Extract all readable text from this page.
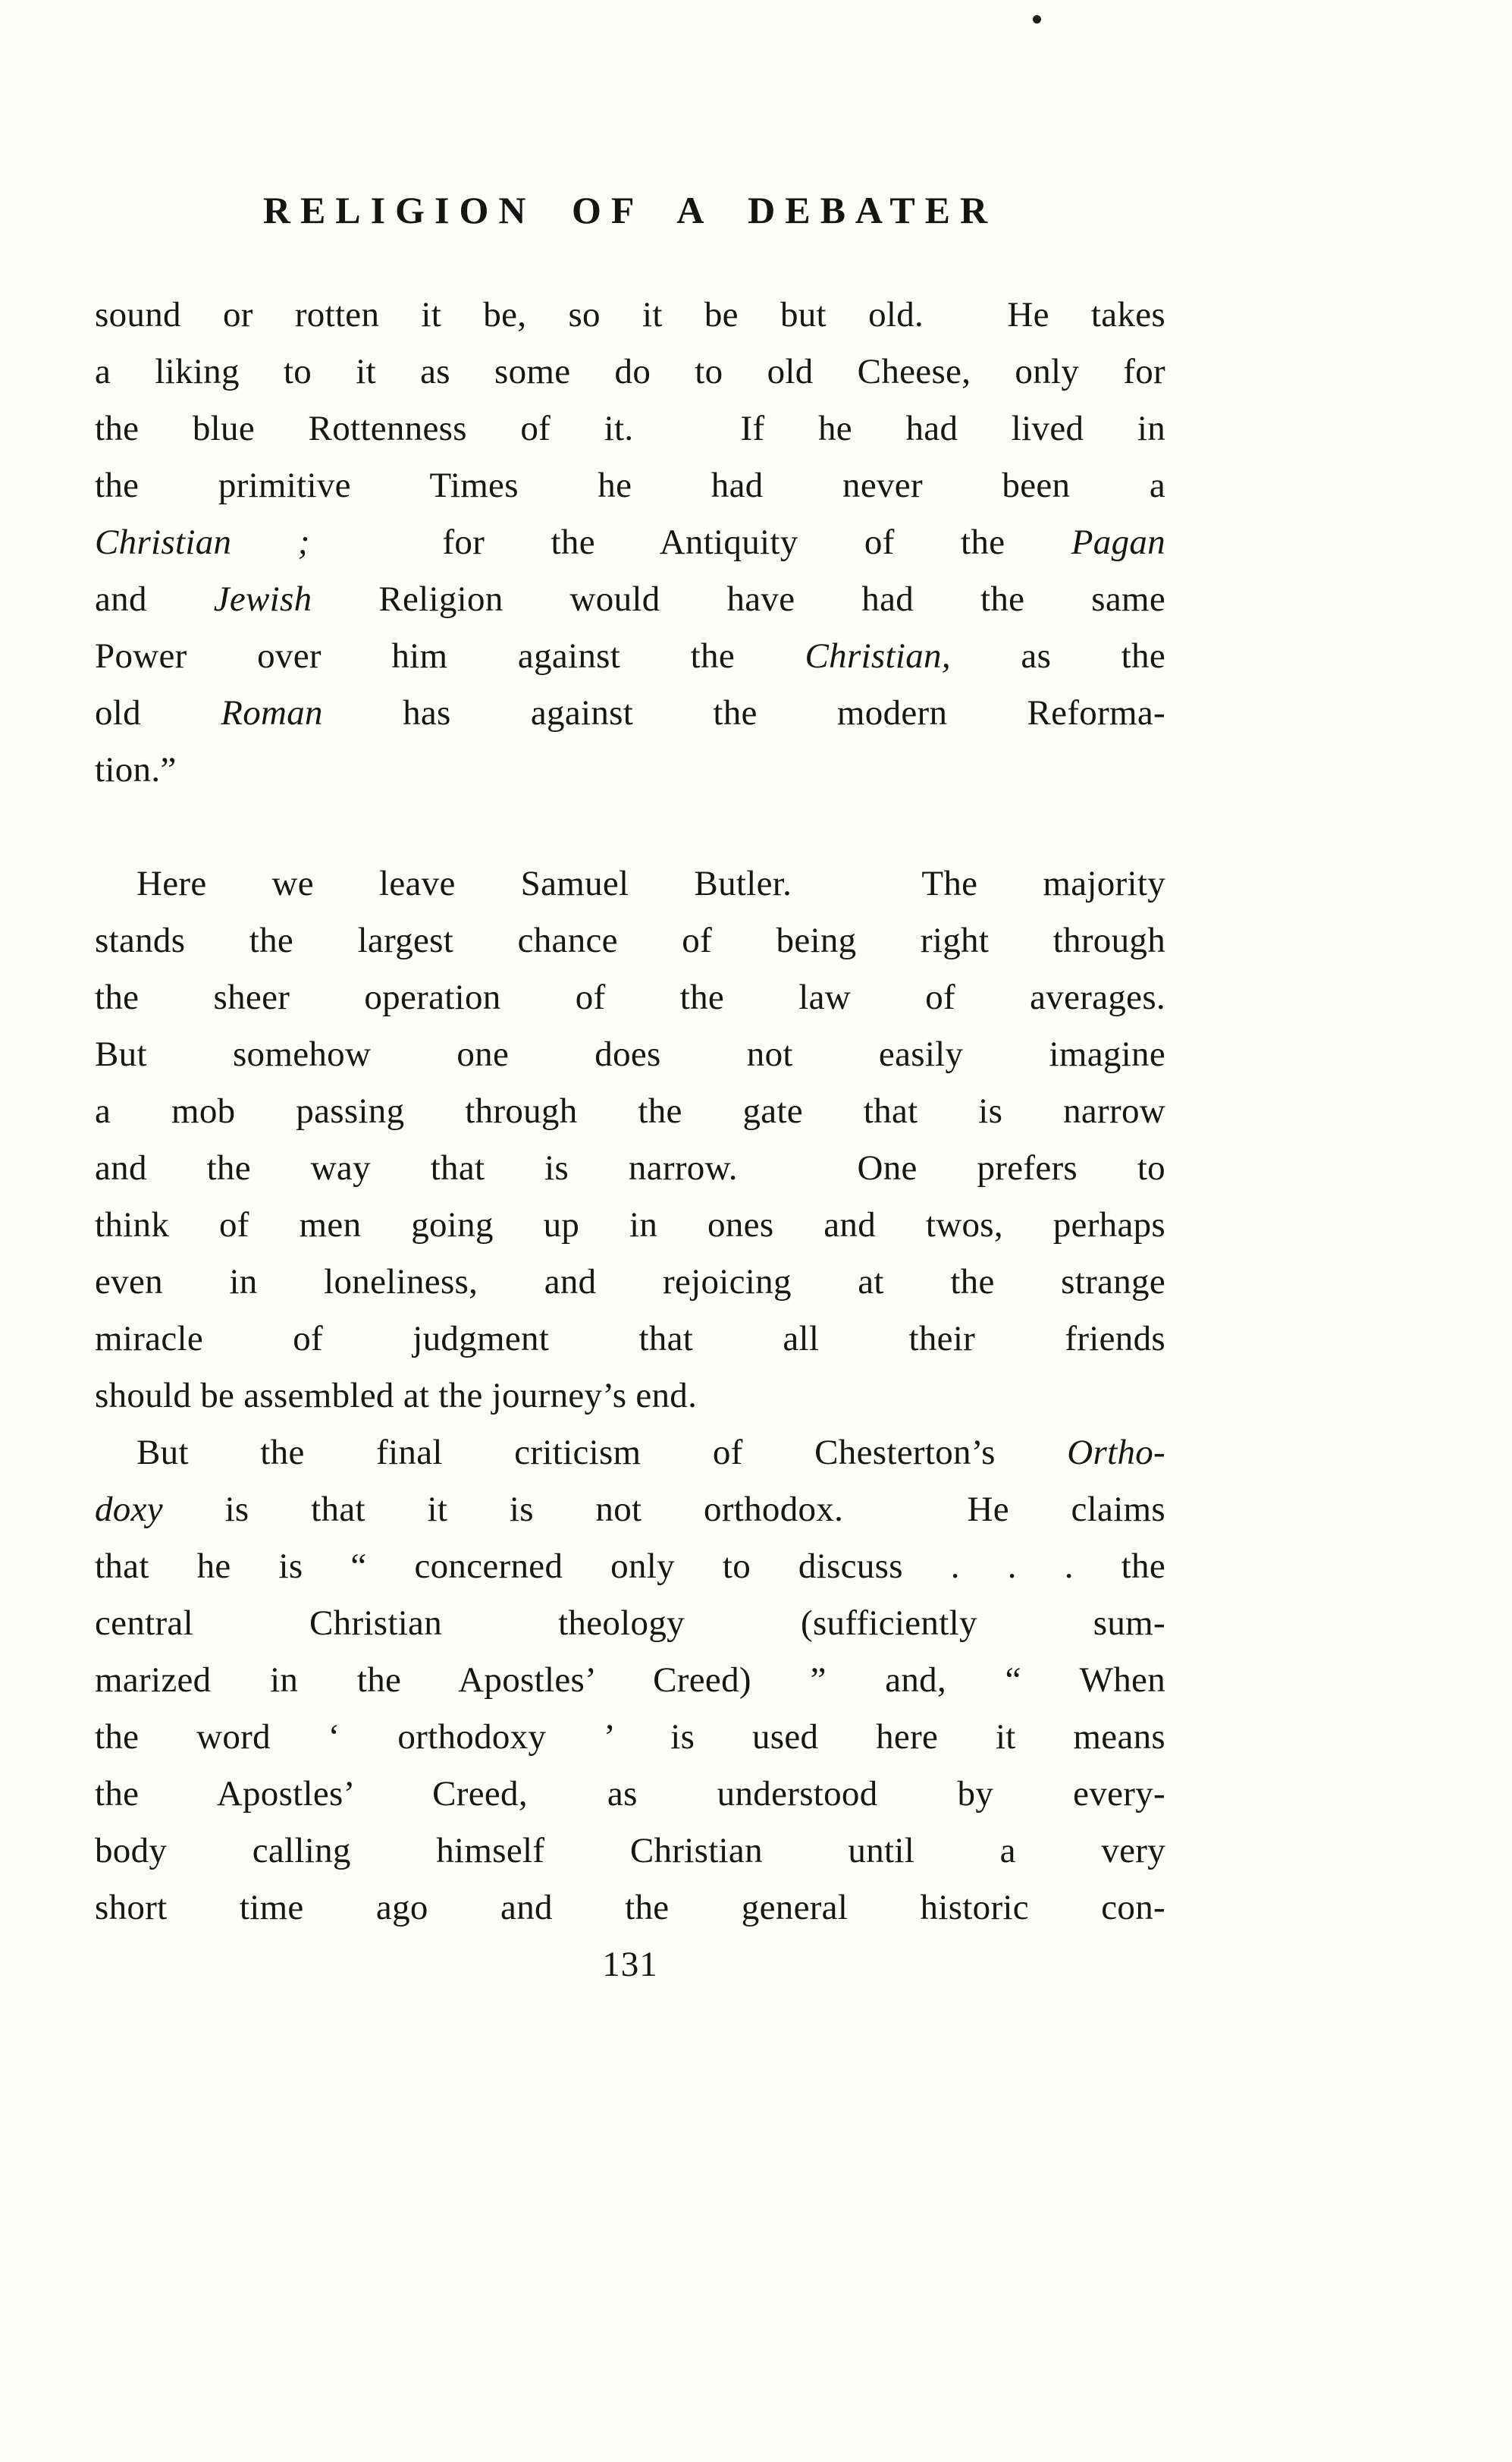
RELIGION OF A DEBATER
sound or rotten it be, so it be but old.  He takes
a liking to it as some do to old Cheese, only for
the blue Rottenness of it.  If he had lived in
the primitive Times he had never been a
Christian ;  for the Antiquity of the Pagan
and Jewish Religion would have had the same
Power over him against the Christian, as the
old Roman has against the modern Reforma-
tion.”
Here we leave Samuel Butler.  The majority
stands the largest chance of being right through
the sheer operation of the law of averages.
But somehow one does not easily imagine
a mob passing through the gate that is narrow
and the way that is narrow.  One prefers to
think of men going up in ones and twos, perhaps
even in loneliness, and rejoicing at the strange
miracle of judgment that all their friends
should be assembled at the journey’s end.
But the final criticism of Chesterton’s Ortho-
doxy is that it is not orthodox.  He claims
that he is “ concerned only to discuss . . . the
central Christian theology (sufficiently sum-
marized in the Apostles’ Creed) ” and, “ When
the word ‘ orthodoxy ’ is used here it means
the Apostles’ Creed, as understood by every-
body calling himself Christian until a very
short time ago and the general historic con-
131
